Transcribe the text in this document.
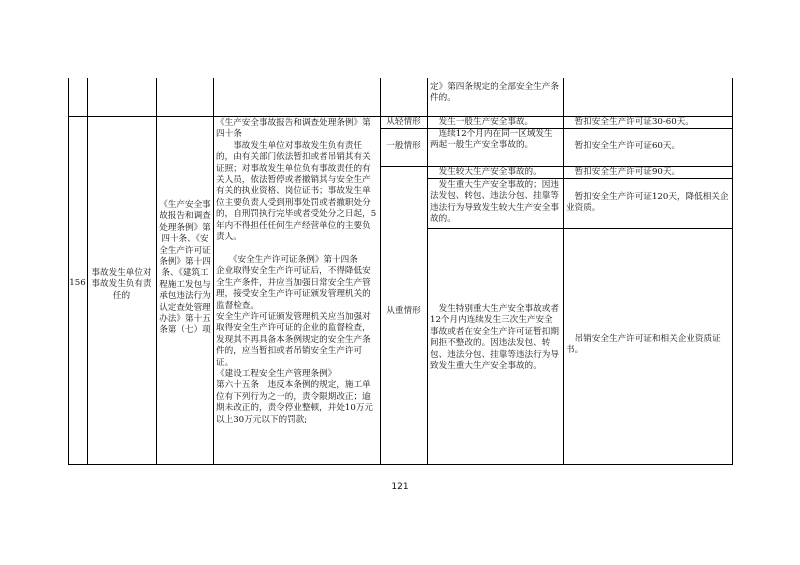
定》第四条规定的全部安全生产条件的。
156
事故发生单位对事故发生负有责任的
《生产安全事故报告和调查处理条例》第四十条、《安全生产许可证条例》第十四条、《建筑工程施工发包与承包违法行为认定查处管理办法》第十五条第（七）项
《生产安全事故报告和调查处理条例》第四十条
　　事故发生单位对事故发生负有责任的，由有关部门依法暂扣或者吊销其有关证照；对事故发生单位负有事故责任的有关人员，依法暂停或者撤销其与安全生产有关的执业资格、岗位证书；事故发生单位主要负责人受到刑事处罚或者撤职处分的，自刑罚执行完毕或者受处分之日起，5年内不得担任任何生产经营单位的主要负责人。

　　《安全生产许可证条例》第十四条
企业取得安全生产许可证后，不得降低安全生产条件，并应当加强日常安全生产管理，接受安全生产许可证颁发管理机关的监督检查。
安全生产许可证颁发管理机关应当加强对取得安全生产许可证的企业的监督检查，发现其不再具备本条例规定的安全生产条件的，应当暂扣或者吊销安全生产许可证。
《建设工程安全生产管理条例》
第六十五条　违反本条例的规定，施工单位有下列行为之一的，责令限期改正；逾期未改正的，责令停业整顿，并处10万元以上30万元以下的罚款;
从轻情形
一般情形
从重情形
　发生一般生产安全事故。
　连续12个月内在同一区域发生两起一般生产安全事故的。
　发生较大生产安全事故的。
　发生重大生产安全事故的；因违法发包、转包、违法分包、挂靠等违法行为导致发生较大生产安全事故的。
　发生特别重大生产安全事故或者12个月内连续发生三次生产安全事故或者在安全生产许可证暂扣期间拒不整改的。因违法发包、转包、违法分包、挂靠等违法行为导致发生重大生产安全事故的。
　暂扣安全生产许可证30-60天。
　暂扣安全生产许可证60天。
　暂扣安全生产许可证90天。
　暂扣安全生产许可证120天，降低相关企业资质。
　吊销安全生产许可证和相关企业资质证书。
121
